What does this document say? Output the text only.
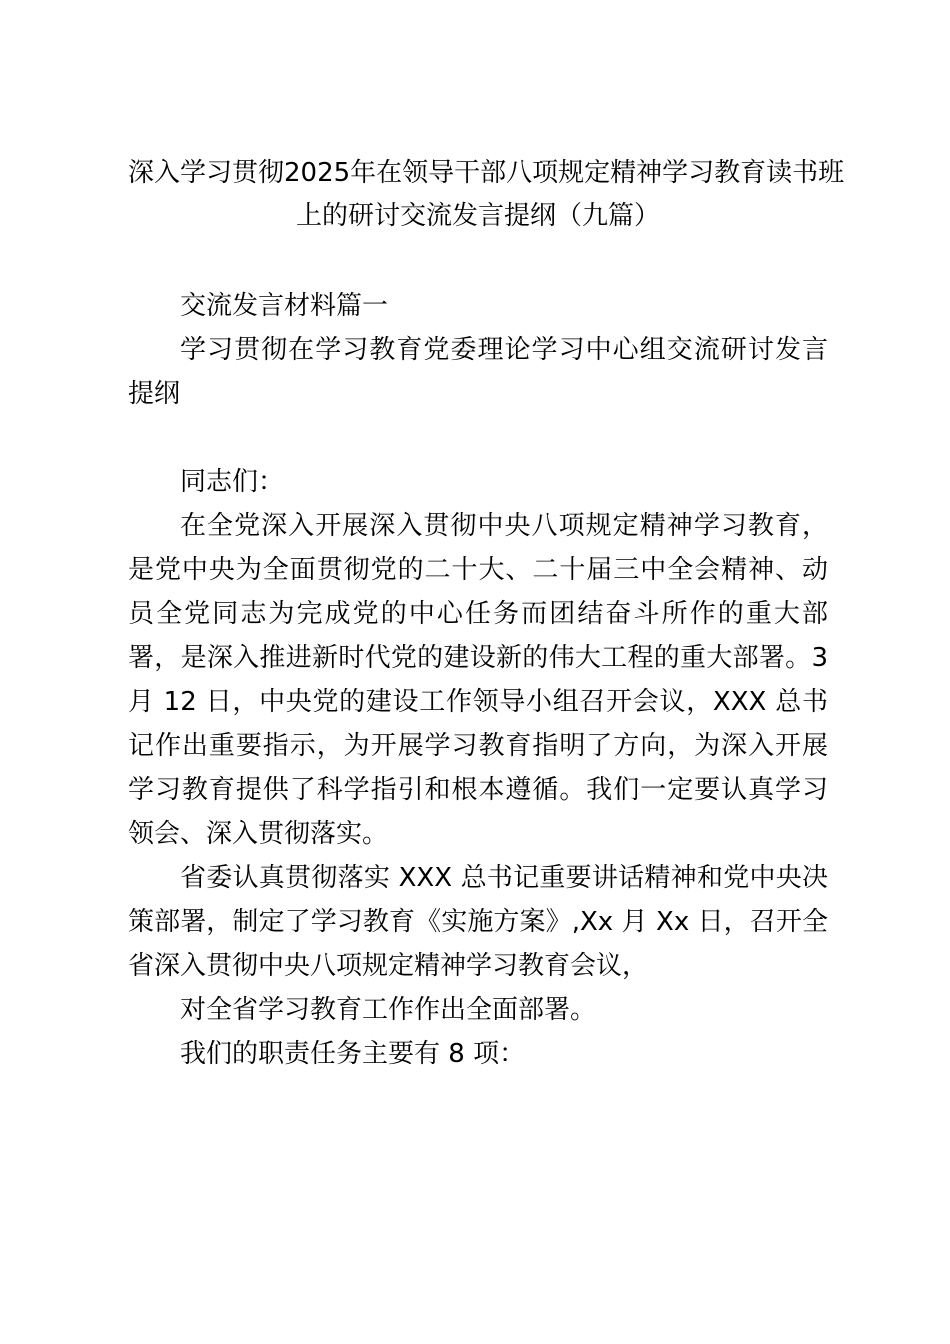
深入学习贯彻2025年在领导干部八项规定精神学习教育读书班
上的研讨交流发言提纲（九篇）

交流发言材料篇一

学习贯彻在学习教育党委理论学习中心组交流研讨发言提纲

同志们：

在全党深入开展深入贯彻中央八项规定精神学习教育，是党中央为全面贯彻党的二十大、二十届三中全会精神、动员全党同志为完成党的中心任务而团结奋斗所作的重大部署，是深入推进新时代党的建设新的伟大工程的重大部署。3 月 12 日，中央党的建设工作领导小组召开会议，XXX 总书记作出重要指示，为开展学习教育指明了方向，为深入开展学习教育提供了科学指引和根本遵循。我们一定要认真学习领会、深入贯彻落实。

省委认真贯彻落实 XXX 总书记重要讲话精神和党中央决策部署，制定了学习教育《实施方案》,Xx 月 Xx 日，召开全省深入贯彻中央八项规定精神学习教育会议，

对全省学习教育工作作出全面部署。

我们的职责任务主要有 8 项：
